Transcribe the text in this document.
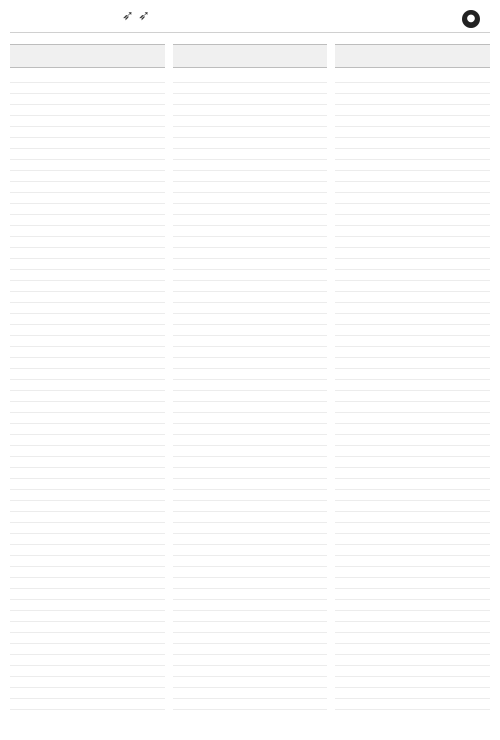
➶ ➶	●
